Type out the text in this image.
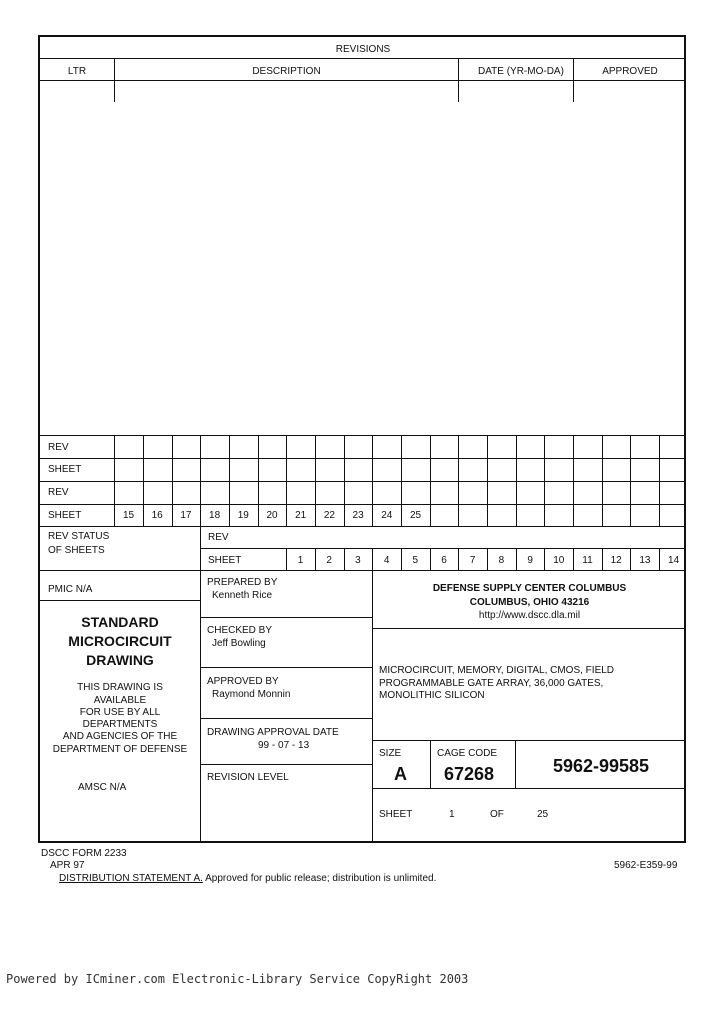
REVISIONS
LTR	DESCRIPTION	DATE (YR-MO-DA)	APPROVED
REV
SHEET
REV
SHEET	15	16	17	18	19	20	21	22	23	24	25
REV STATUS
OF SHEETS
REV
SHEET	1	2	3	4	5	6	7	8	9	10	11	12	13	14
PMIC N/A
STANDARD
MICROCIRCUIT
DRAWING
THIS DRAWING IS
AVAILABLE
FOR USE BY ALL
DEPARTMENTS
AND AGENCIES OF THE
DEPARTMENT OF DEFENSE
AMSC N/A
PREPARED BY
Kenneth Rice
CHECKED BY
Jeff Bowling
APPROVED BY
Raymond Monnin
DRAWING APPROVAL DATE
99 - 07 - 13
REVISION LEVEL
DEFENSE SUPPLY CENTER COLUMBUS
COLUMBUS, OHIO 43216
http://www.dscc.dla.mil
MICROCIRCUIT, MEMORY, DIGITAL, CMOS, FIELD
PROGRAMMABLE GATE ARRAY, 36,000 GATES,
MONOLITHIC SILICON
SIZE
A
CAGE CODE
67268	5962-99585
SHEET	1	OF	25
DSCC FORM 2233
APR 97	5962-E359-99
DISTRIBUTION STATEMENT A. Approved for public release; distribution is unlimited.
Powered by ICminer.com Electronic-Library Service CopyRight 2003
